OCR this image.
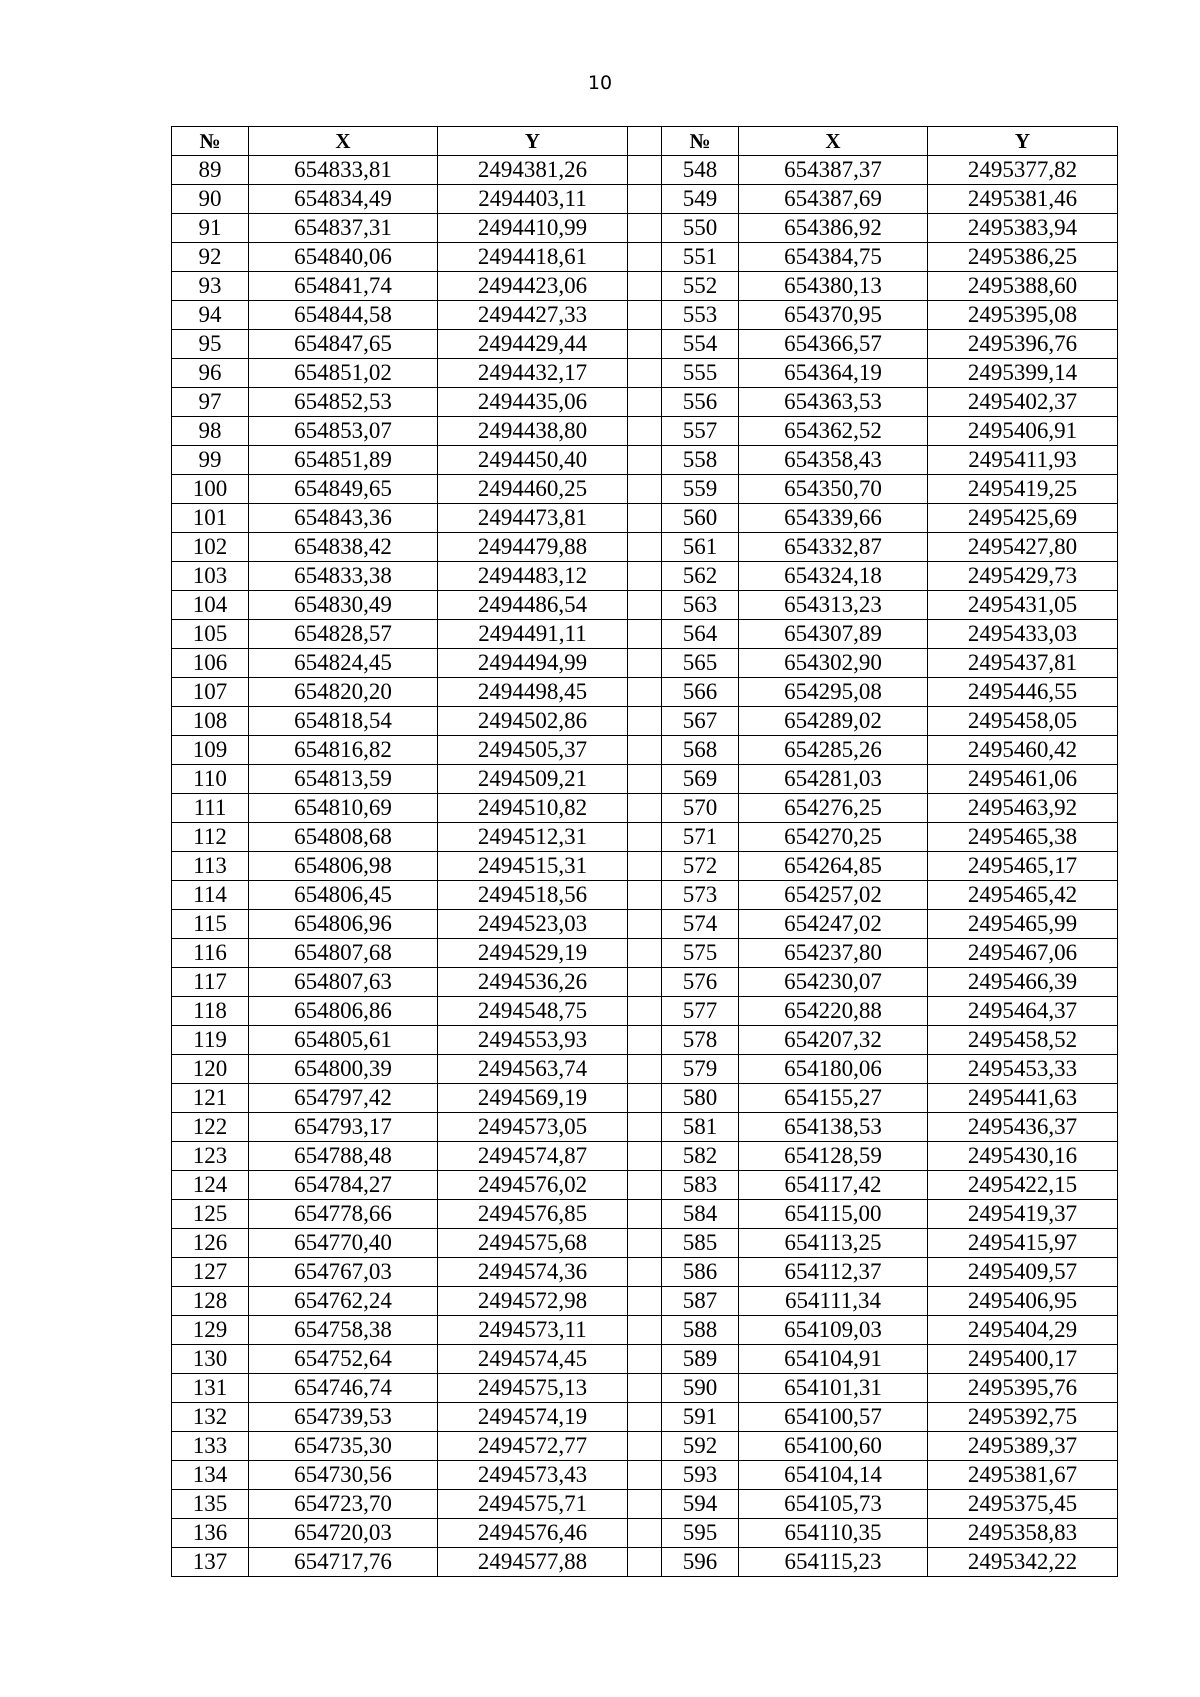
10
№	X	Y		№	X	Y
89	654833,81	2494381,26		548	654387,37	2495377,82
90	654834,49	2494403,11		549	654387,69	2495381,46
91	654837,31	2494410,99		550	654386,92	2495383,94
92	654840,06	2494418,61		551	654384,75	2495386,25
93	654841,74	2494423,06		552	654380,13	2495388,60
94	654844,58	2494427,33		553	654370,95	2495395,08
95	654847,65	2494429,44		554	654366,57	2495396,76
96	654851,02	2494432,17		555	654364,19	2495399,14
97	654852,53	2494435,06		556	654363,53	2495402,37
98	654853,07	2494438,80		557	654362,52	2495406,91
99	654851,89	2494450,40		558	654358,43	2495411,93
100	654849,65	2494460,25		559	654350,70	2495419,25
101	654843,36	2494473,81		560	654339,66	2495425,69
102	654838,42	2494479,88		561	654332,87	2495427,80
103	654833,38	2494483,12		562	654324,18	2495429,73
104	654830,49	2494486,54		563	654313,23	2495431,05
105	654828,57	2494491,11		564	654307,89	2495433,03
106	654824,45	2494494,99		565	654302,90	2495437,81
107	654820,20	2494498,45		566	654295,08	2495446,55
108	654818,54	2494502,86		567	654289,02	2495458,05
109	654816,82	2494505,37		568	654285,26	2495460,42
110	654813,59	2494509,21		569	654281,03	2495461,06
111	654810,69	2494510,82		570	654276,25	2495463,92
112	654808,68	2494512,31		571	654270,25	2495465,38
113	654806,98	2494515,31		572	654264,85	2495465,17
114	654806,45	2494518,56		573	654257,02	2495465,42
115	654806,96	2494523,03		574	654247,02	2495465,99
116	654807,68	2494529,19		575	654237,80	2495467,06
117	654807,63	2494536,26		576	654230,07	2495466,39
118	654806,86	2494548,75		577	654220,88	2495464,37
119	654805,61	2494553,93		578	654207,32	2495458,52
120	654800,39	2494563,74		579	654180,06	2495453,33
121	654797,42	2494569,19		580	654155,27	2495441,63
122	654793,17	2494573,05		581	654138,53	2495436,37
123	654788,48	2494574,87		582	654128,59	2495430,16
124	654784,27	2494576,02		583	654117,42	2495422,15
125	654778,66	2494576,85		584	654115,00	2495419,37
126	654770,40	2494575,68		585	654113,25	2495415,97
127	654767,03	2494574,36		586	654112,37	2495409,57
128	654762,24	2494572,98		587	654111,34	2495406,95
129	654758,38	2494573,11		588	654109,03	2495404,29
130	654752,64	2494574,45		589	654104,91	2495400,17
131	654746,74	2494575,13		590	654101,31	2495395,76
132	654739,53	2494574,19		591	654100,57	2495392,75
133	654735,30	2494572,77		592	654100,60	2495389,37
134	654730,56	2494573,43		593	654104,14	2495381,67
135	654723,70	2494575,71		594	654105,73	2495375,45
136	654720,03	2494576,46		595	654110,35	2495358,83
137	654717,76	2494577,88		596	654115,23	2495342,22
